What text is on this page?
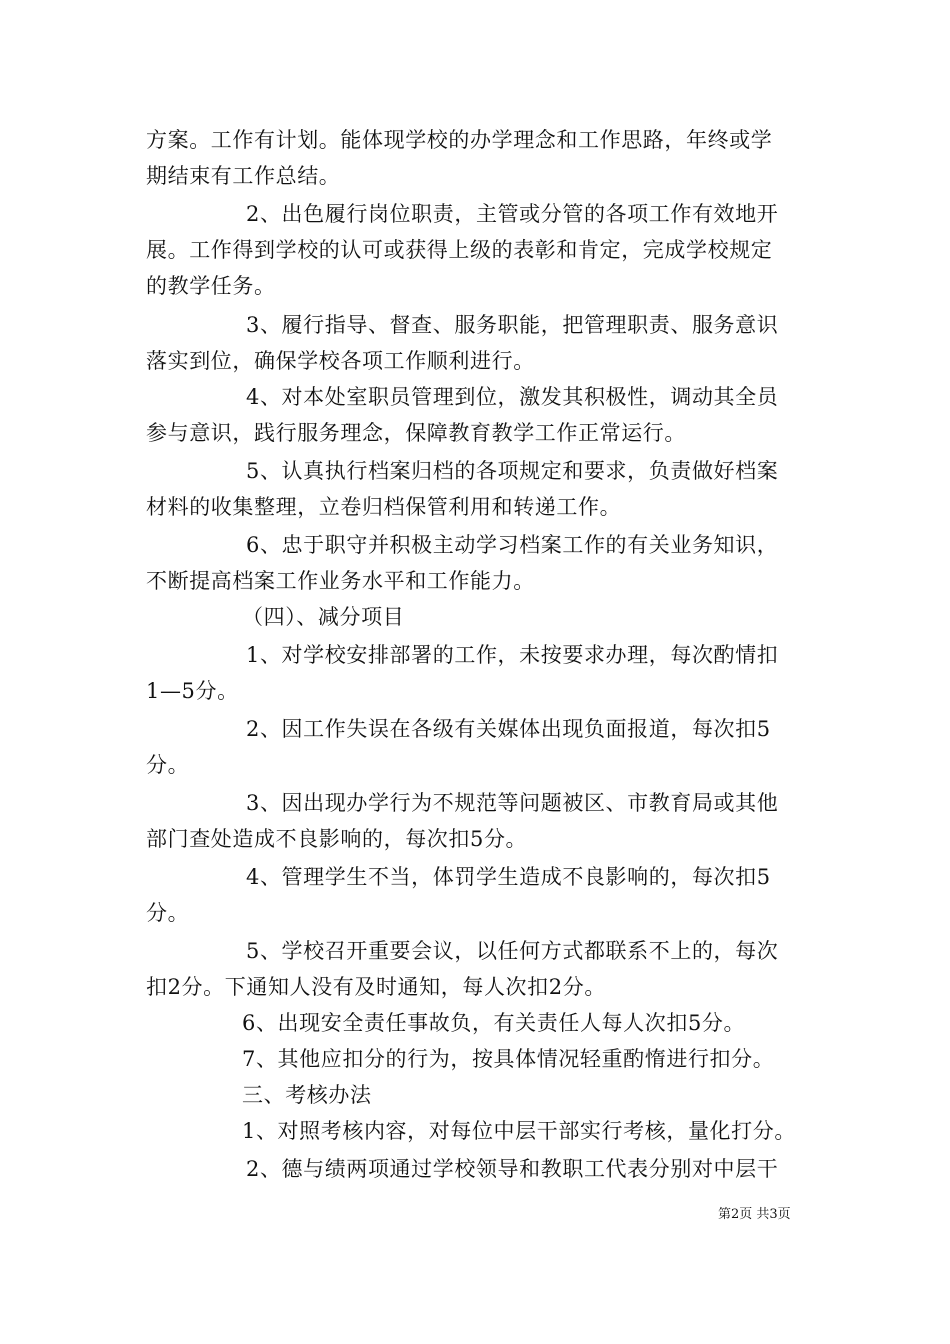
方案。工作有计划。能体现学校的办学理念和工作思路，年终或学
期结束有工作总结。
2、出色履行岗位职责，主管或分管的各项工作有效地开
展。工作得到学校的认可或获得上级的表彰和肯定，完成学校规定
的教学任务。
3、履行指导、督查、服务职能，把管理职责、服务意识
落实到位，确保学校各项工作顺利进行。
4、对本处室职员管理到位，激发其积极性，调动其全员
参与意识，践行服务理念，保障教育教学工作正常运行。
5、认真执行档案归档的各项规定和要求，负责做好档案
材料的收集整理，立卷归档保管利用和转递工作。
6、忠于职守并积极主动学习档案工作的有关业务知识，
不断提高档案工作业务水平和工作能力。
（四）、减分项目
1、对学校安排部署的工作，未按要求办理，每次酌情扣
1—5分。
2、因工作失误在各级有关媒体出现负面报道，每次扣5
分。
3、因出现办学行为不规范等问题被区、市教育局或其他
部门查处造成不良影响的，每次扣5分。
4、管理学生不当，体罚学生造成不良影响的，每次扣5
分。
5、学校召开重要会议，以任何方式都联系不上的，每次
扣2分。下通知人没有及时通知，每人次扣2分。
6、出现安全责任事故负，有关责任人每人次扣5分。
7、其他应扣分的行为，按具体情况轻重酌惰进行扣分。
三、考核办法
1、对照考核内容，对每位中层干部实行考核，量化打分。
2、德与绩两项通过学校领导和教职工代表分别对中层干
第2页 共3页
